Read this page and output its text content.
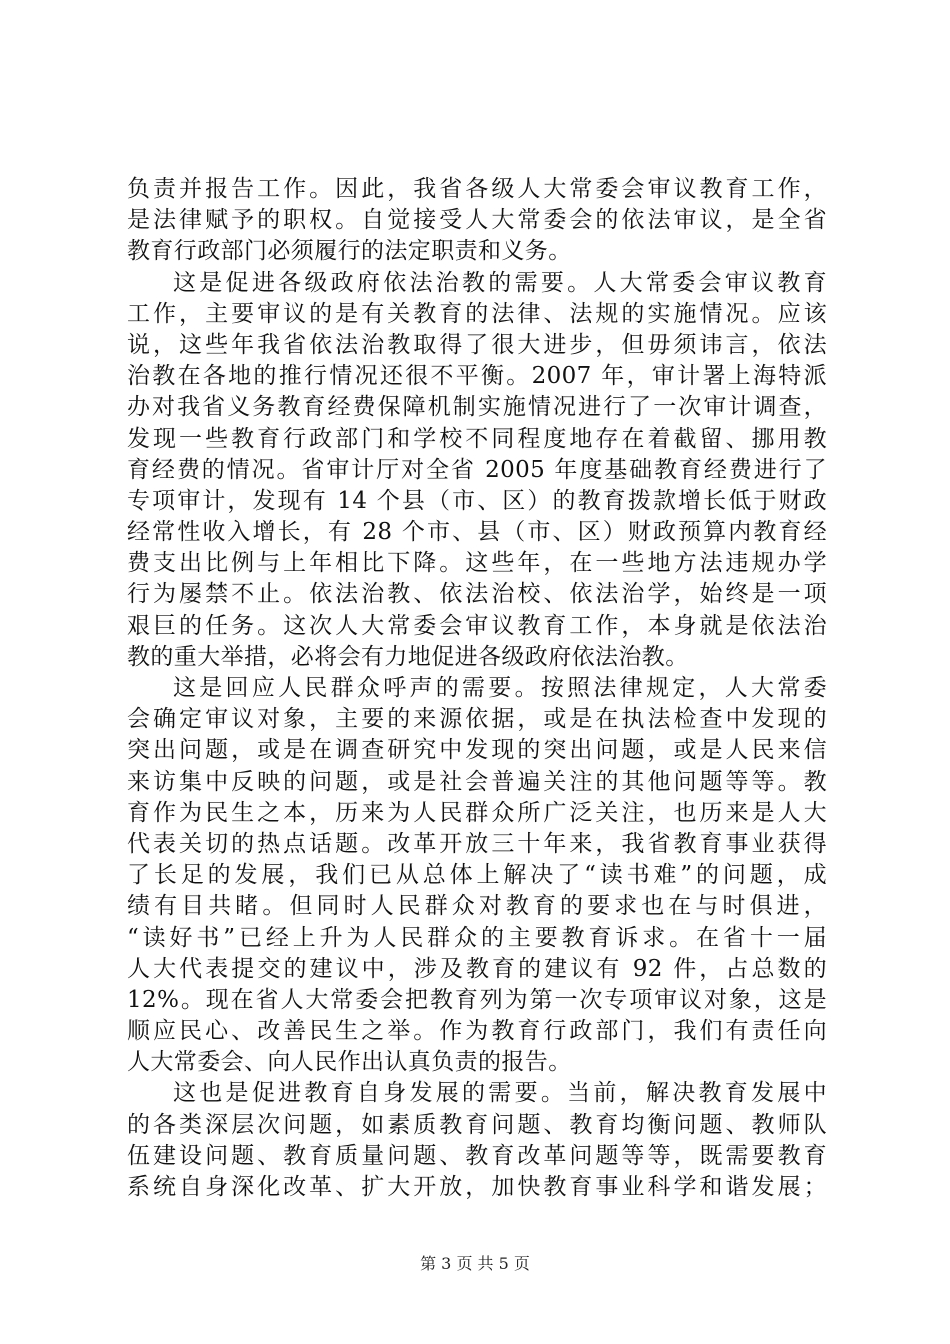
负责并报告工作。因此，我省各级人大常委会审议教育工作，
是法律赋予的职权。自觉接受人大常委会的依法审议，是全省
教育行政部门必须履行的法定职责和义务。
这是促进各级政府依法治教的需要。人大常委会审议教育
工作，主要审议的是有关教育的法律、法规的实施情况。应该
说，这些年我省依法治教取得了很大进步，但毋须讳言，依法
治教在各地的推行情况还很不平衡。2007 年，审计署上海特派
办对我省义务教育经费保障机制实施情况进行了一次审计调查，
发现一些教育行政部门和学校不同程度地存在着截留、挪用教
育经费的情况。省审计厅对全省 2005 年度基础教育经费进行了
专项审计，发现有 14 个县（市、区）的教育拨款增长低于财政
经常性收入增长，有 28 个市、县（市、区）财政预算内教育经
费支出比例与上年相比下降。这些年，在一些地方法违规办学
行为屡禁不止。依法治教、依法治校、依法治学，始终是一项
艰巨的任务。这次人大常委会审议教育工作，本身就是依法治
教的重大举措，必将会有力地促进各级政府依法治教。
这是回应人民群众呼声的需要。按照法律规定，人大常委
会确定审议对象，主要的来源依据，或是在执法检查中发现的
突出问题，或是在调查研究中发现的突出问题，或是人民来信
来访集中反映的问题，或是社会普遍关注的其他问题等等。教
育作为民生之本，历来为人民群众所广泛关注，也历来是人大
代表关切的热点话题。改革开放三十年来，我省教育事业获得
了长足的发展，我们已从总体上解决了“读书难”的问题，成
绩有目共睹。但同时人民群众对教育的要求也在与时俱进，
“读好书”已经上升为人民群众的主要教育诉求。在省十一届
人大代表提交的建议中，涉及教育的建议有 92 件，占总数的
12%。现在省人大常委会把教育列为第一次专项审议对象，这是
顺应民心、改善民生之举。作为教育行政部门，我们有责任向
人大常委会、向人民作出认真负责的报告。
这也是促进教育自身发展的需要。当前，解决教育发展中
的各类深层次问题，如素质教育问题、教育均衡问题、教师队
伍建设问题、教育质量问题、教育改革问题等等，既需要教育
系统自身深化改革、扩大开放，加快教育事业科学和谐发展；
第 3 页 共 5 页
